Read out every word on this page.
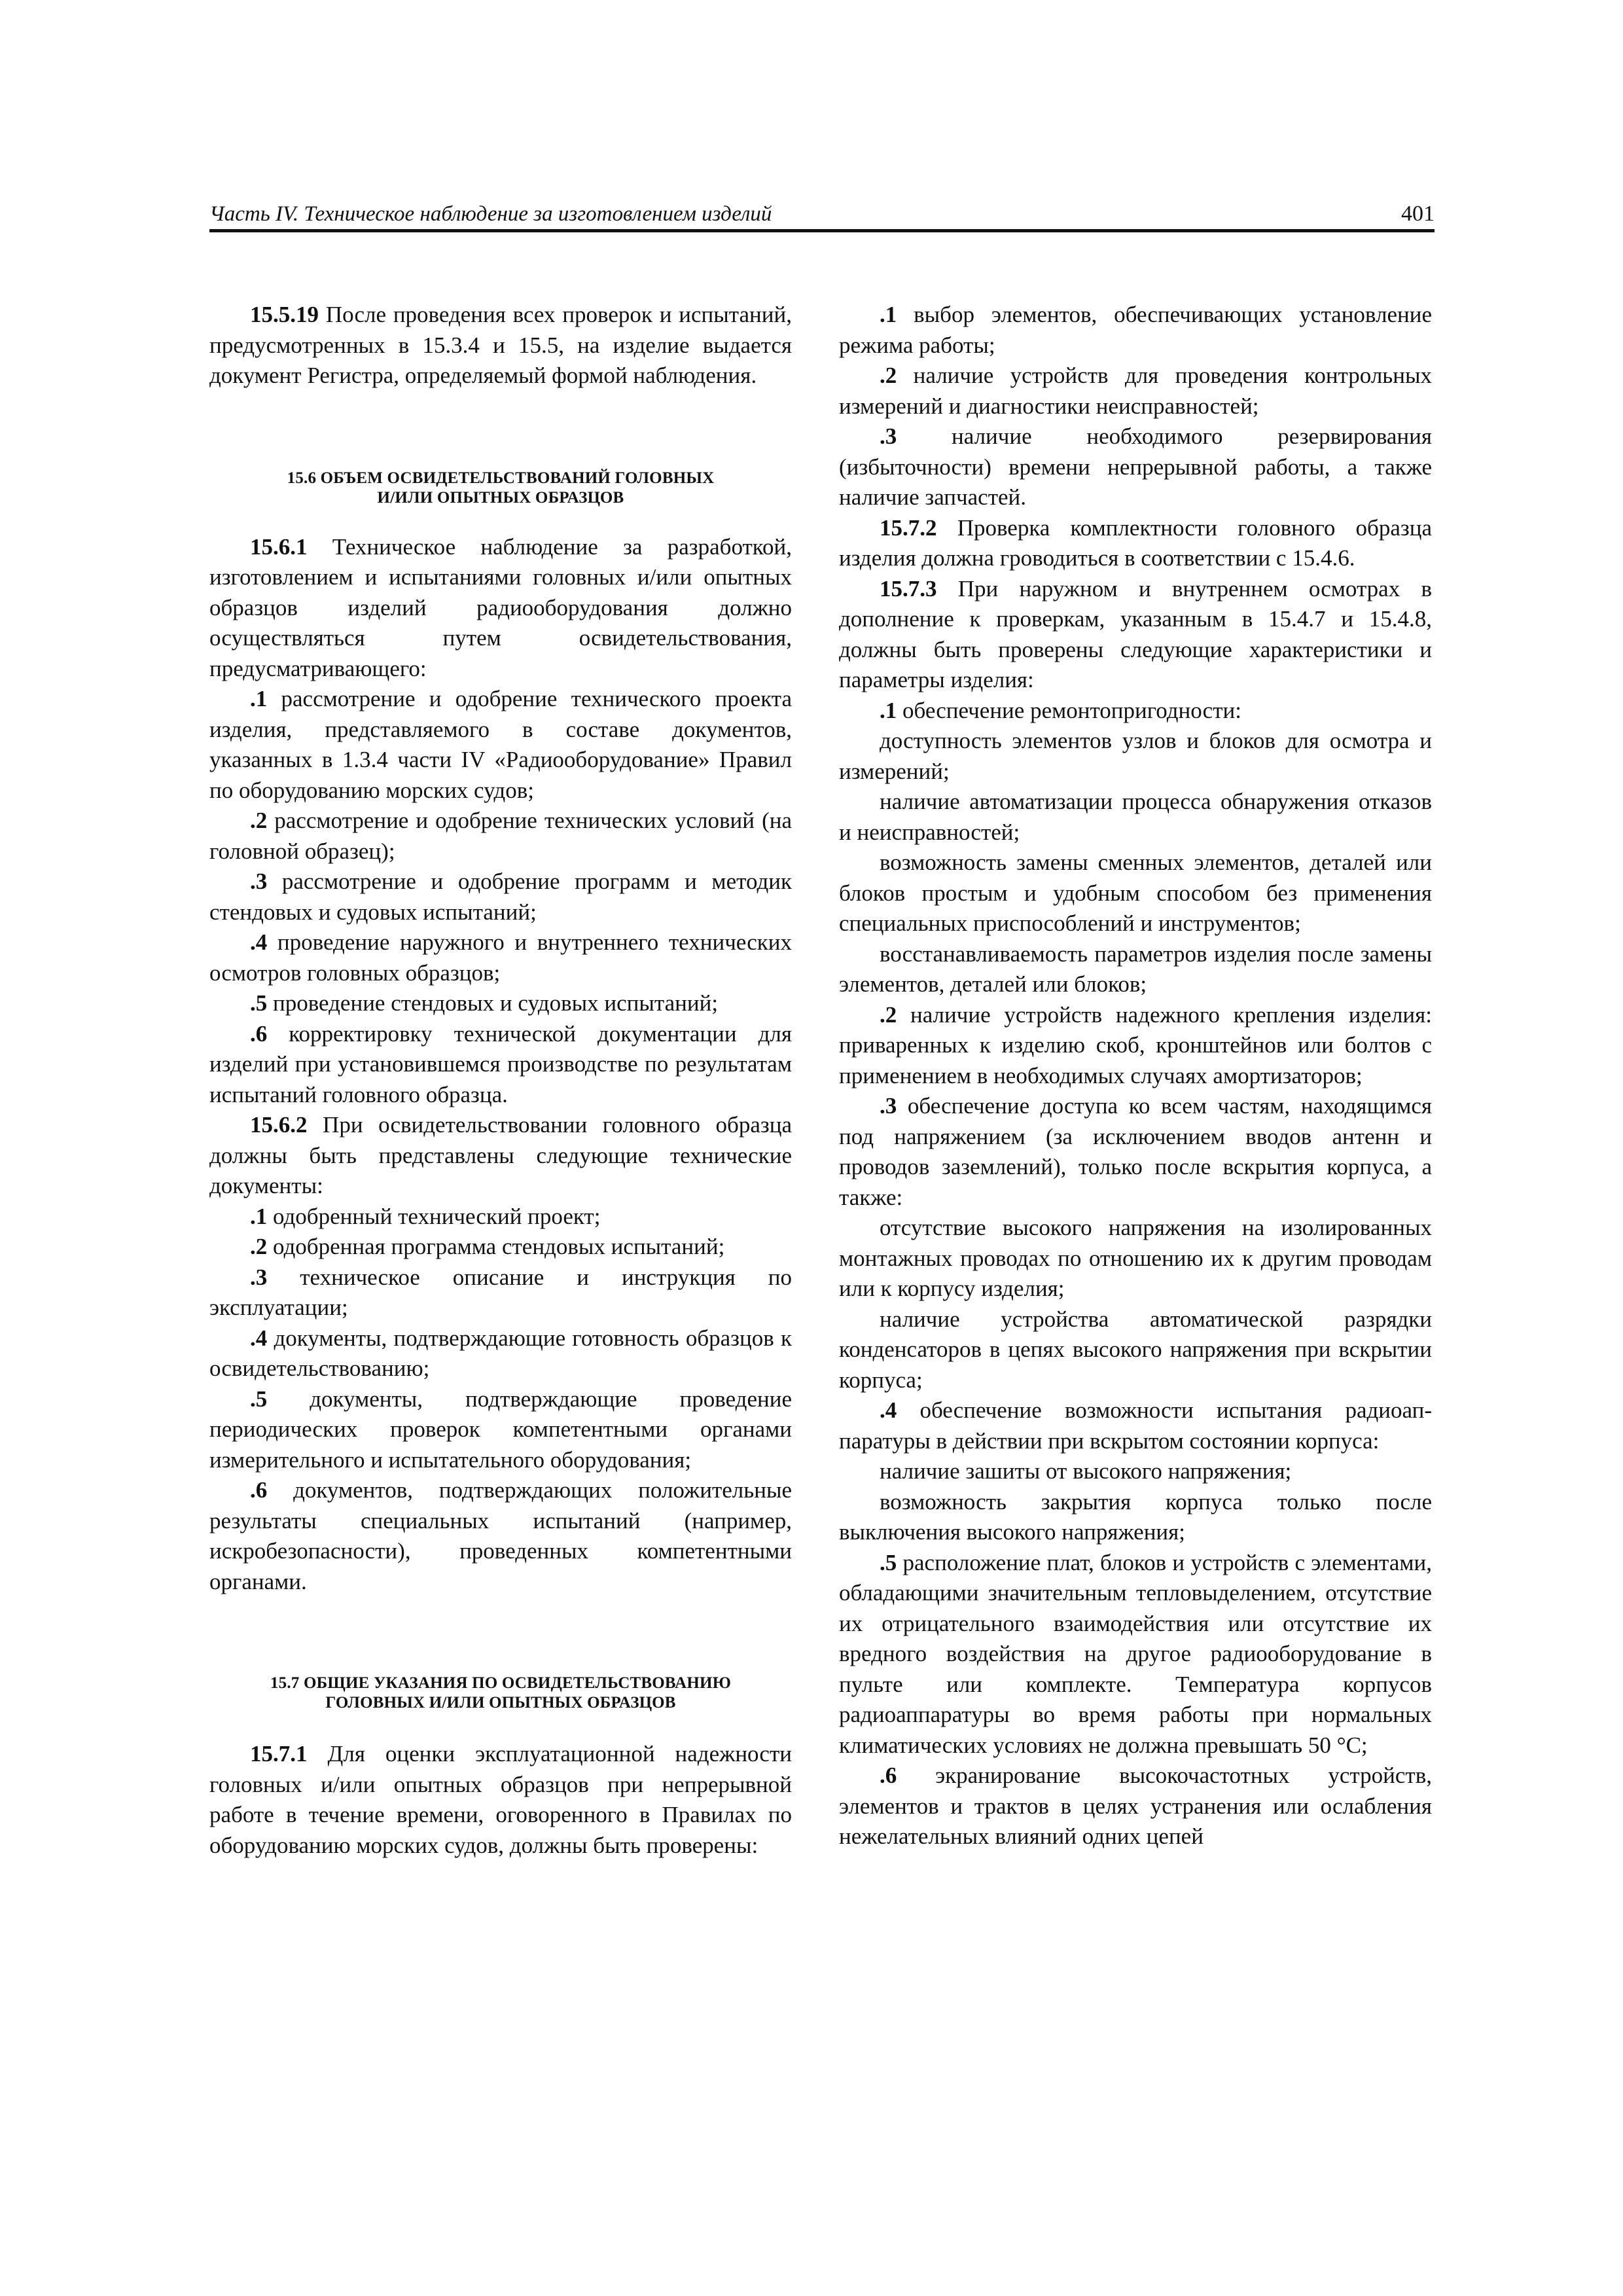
Часть IV. Техническое наблюдение за изготовлением изделий	401

15.5.19 После проведения всех проверок и испытаний, предусмотренных в 15.3.4 и 15.5, на изделие выдается документ Регистра, определяемый формой наблюдения.

15.6 ОБЪЕМ ОСВИДЕТЕЛЬСТВОВАНИЙ ГОЛОВНЫХ
И/ИЛИ ОПЫТНЫХ ОБРАЗЦОВ

15.6.1 Техническое наблюдение за разработкой, изготовлением и испытаниями головных и/или опытных образцов изделий радиооборудования должно осуществляться путем освидетельствования, предусматривающего:

.1 рассмотрение и одобрение технического проекта изделия, представляемого в составе документов, указанных в 1.3.4 части IV «Радиооборудование» Правил по оборудованию морских судов;

.2 рассмотрение и одобрение технических условий (на головной образец);

.3 рассмотрение и одобрение программ и методик стендовых и судовых испытаний;

.4 проведение наружного и внутреннего технических осмотров головных образцов;

.5 проведение стендовых и судовых испытаний;

.6 корректировку технической документации для изделий при установившемся производстве по результатам испытаний головного образца.

15.6.2 При освидетельствовании головного образца должны быть представлены следующие технические документы:

.1 одобренный технический проект;

.2 одобренная программа стендовых испытаний;

.3 техническое описание и инструкция по эксплуатации;

.4 документы, подтверждающие готовность образцов к освидетельствованию;

.5 документы, подтверждающие проведение периодических проверок компетентными органами измерительного и испытательного оборудования;

.6 документов, подтверждающих положительные результаты специальных испытаний (например, искробезопасности), проведенных компетентными органами.

15.7 ОБЩИЕ УКАЗАНИЯ ПО ОСВИДЕТЕЛЬСТВОВАНИЮ
ГОЛОВНЫХ И/ИЛИ ОПЫТНЫХ ОБРАЗЦОВ

15.7.1 Для оценки эксплуатационной надежности головных и/или опытных образцов при непрерывной работе в течение времени, оговоренного в Правилах по оборудованию морских судов, должны быть проверены:

.1 выбор элементов, обеспечивающих установление режима работы;

.2 наличие устройств для проведения контрольных измерений и диагностики неисправностей;

.3 наличие необходимого резервирования (избыточности) времени непрерывной работы, а также наличие запчастей.

15.7.2 Проверка комплектности головного образца изделия должна гроводиться в соответствии с 15.4.6.

15.7.3 При наружном и внутреннем осмотрах в дополнение к проверкам, указанным в 15.4.7 и 15.4.8, должны быть проверены следующие характеристики и параметры изделия:

.1 обеспечение ремонтопригодности:

доступность элементов узлов и блоков для осмотра и измерений;

наличие автоматизации процесса обнаружения отказов и неисправностей;

возможность замены сменных элементов, деталей или блоков простым и удобным способом без применения специальных приспособлений и инструментов;

восстанавливаемость параметров изделия после замены элементов, деталей или блоков;

.2 наличие устройств надежного крепления изделия: приваренных к изделию скоб, кронштейнов или болтов с применением в необходимых случаях амортизаторов;

.3 обеспечение доступа ко всем частям, находящимся под напряжением (за исключением вводов антенн и проводов заземлений), только после вскрытия корпуса, а также:

отсутствие высокого напряжения на изолированных монтажных проводах по отношению их к другим проводам или к корпусу изделия;

наличие устройства автоматической разрядки конденсаторов в цепях высокого напряжения при вскрытии корпуса;

.4 обеспечение возможности испытания радиоаппаратуры в действии при вскрытом состоянии корпуса:

наличие зашиты от высокого напряжения;

возможность закрытия корпуса только после выключения высокого напряжения;

.5 расположение плат, блоков и устройств с элементами, обладающими значительным тепловыделением, отсутствие их отрицательного взаимодействия или отсутствие их вредного воздействия на другое радиооборудование в пульте или комплекте. Температура корпусов радиоаппаратуры во время работы при нормальных климатических условиях не должна превышать 50 °С;

.6 экранирование высокочастотных устройств, элементов и трактов в целях устранения или ослабления нежелательных влияний одних цепей
